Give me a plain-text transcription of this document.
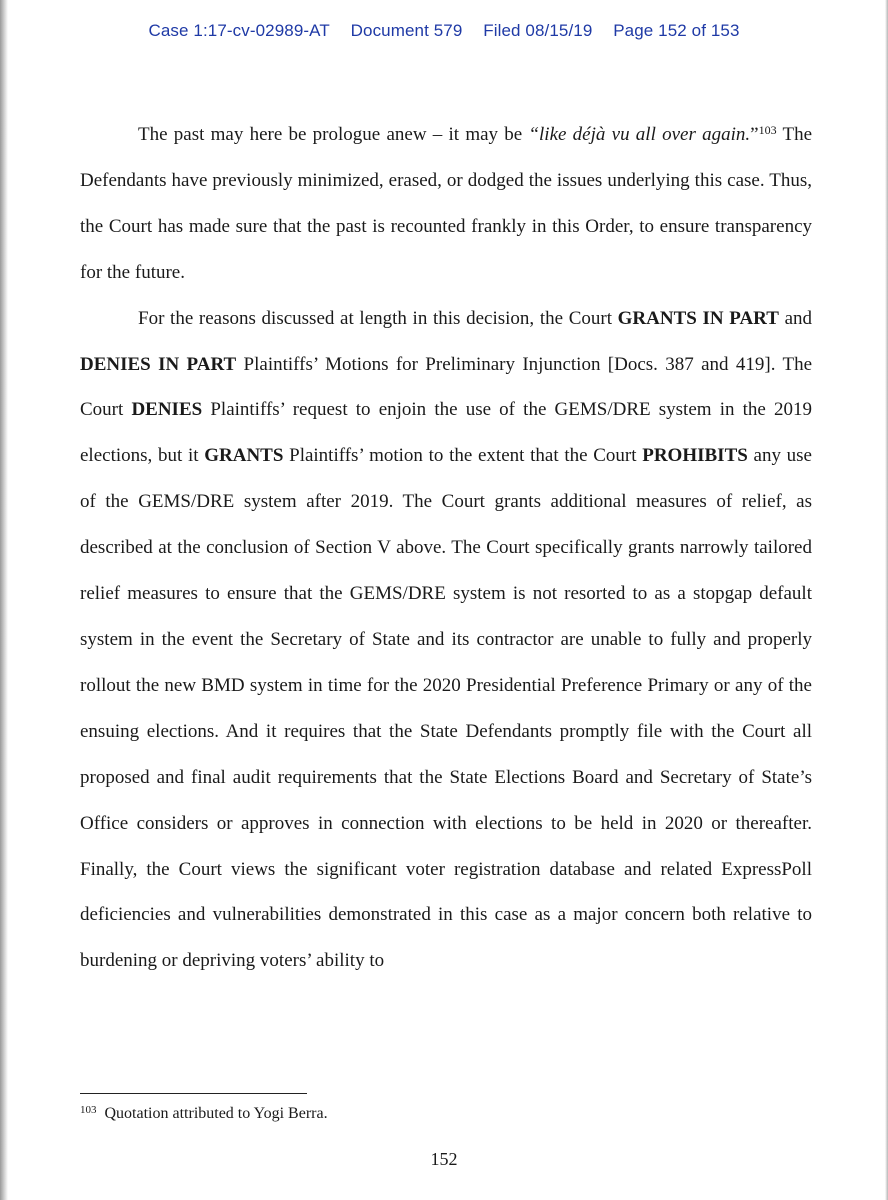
Case 1:17-cv-02989-AT Document 579 Filed 08/15/19 Page 152 of 153

The past may here be prologue anew – it may be “like déjà vu all over again.”$^{103}$ The Defendants have previously minimized, erased, or dodged the issues underlying this case. Thus, the Court has made sure that the past is recounted frankly in this Order, to ensure transparency for the future.

For the reasons discussed at length in this decision, the Court GRANTS IN PART and DENIES IN PART Plaintiffs’ Motions for Preliminary Injunction [Docs. 387 and 419]. The Court DENIES Plaintiffs’ request to enjoin the use of the GEMS/DRE system in the 2019 elections, but it GRANTS Plaintiffs’ motion to the extent that the Court PROHIBITS any use of the GEMS/DRE system after 2019. The Court grants additional measures of relief, as described at the conclusion of Section V above. The Court specifically grants narrowly tailored relief measures to ensure that the GEMS/DRE system is not resorted to as a stopgap default system in the event the Secretary of State and its contractor are unable to fully and properly rollout the new BMD system in time for the 2020 Presidential Preference Primary or any of the ensuing elections. And it requires that the State Defendants promptly file with the Court all proposed and final audit requirements that the State Elections Board and Secretary of State’s Office considers or approves in connection with elections to be held in 2020 or thereafter. Finally, the Court views the significant voter registration database and related ExpressPoll deficiencies and vulnerabilities demonstrated in this case as a major concern both relative to burdening or depriving voters’ ability to

$^{103}$ Quotation attributed to Yogi Berra.
152
